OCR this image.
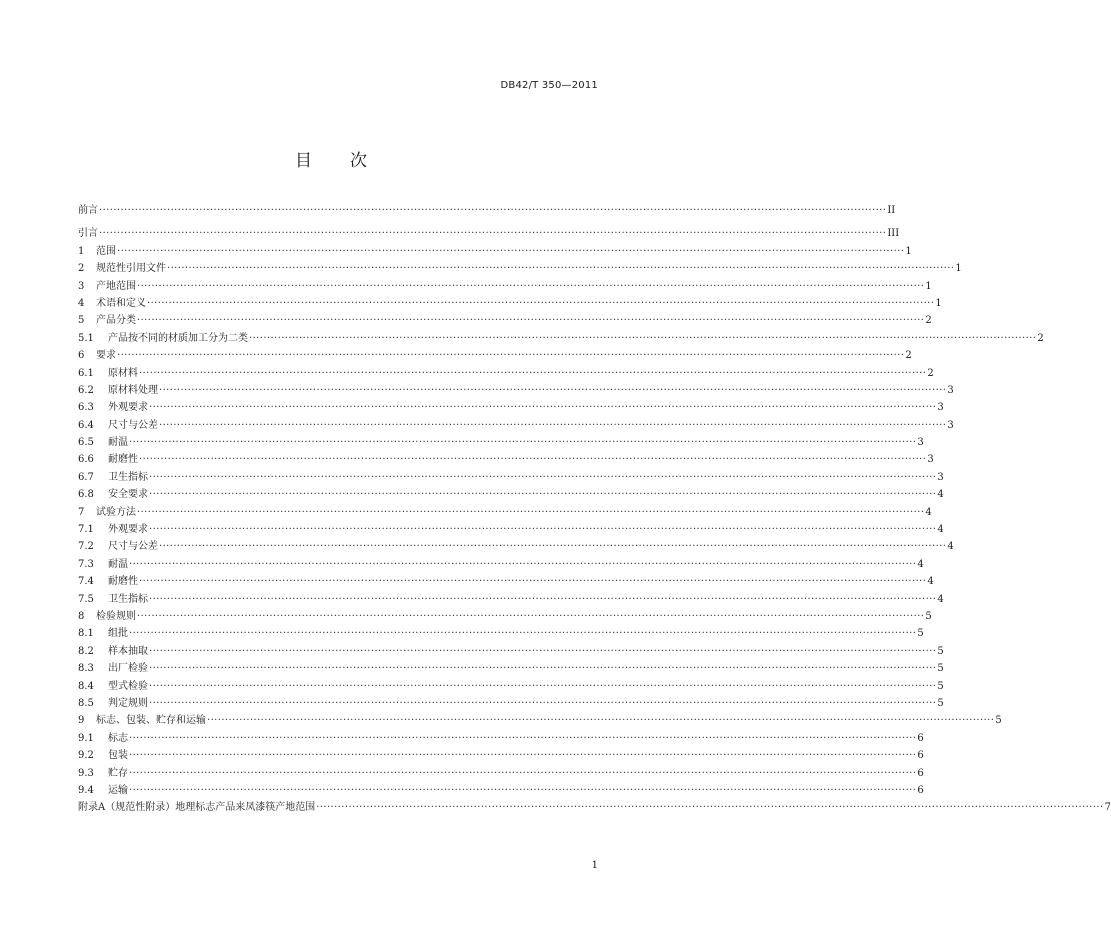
DB42/T 350—2011
目 次
前言 ···························································································································································································································· II
引言 ···························································································································································································································· III
1	范围 ···························································································································································································································· 1
2	规范性引用文件 ···························································································································································································································· 1
3	产地范围 ···························································································································································································································· 1
4	术语和定义 ···························································································································································································································· 1
5	产品分类 ···························································································································································································································· 2
5.1	产品按不同的材质加工分为二类 ···························································································································································································································· 2
6	要求 ···························································································································································································································· 2
6.1	原材料 ···························································································································································································································· 2
6.2	原材料处理 ···························································································································································································································· 3
6.3	外观要求 ···························································································································································································································· 3
6.4	尺寸与公差 ···························································································································································································································· 3
6.5	耐温 ···························································································································································································································· 3
6.6	耐磨性 ···························································································································································································································· 3
6.7	卫生指标 ···························································································································································································································· 3
6.8	安全要求 ···························································································································································································································· 4
7	试验方法 ···························································································································································································································· 4
7.1	外观要求 ···························································································································································································································· 4
7.2	尺寸与公差 ···························································································································································································································· 4
7.3	耐温 ···························································································································································································································· 4
7.4	耐磨性 ···························································································································································································································· 4
7.5	卫生指标 ···························································································································································································································· 4
8	检验规则 ···························································································································································································································· 5
8.1	组批 ···························································································································································································································· 5
8.2	样本抽取 ···························································································································································································································· 5
8.3	出厂检验 ···························································································································································································································· 5
8.4	型式检验 ···························································································································································································································· 5
8.5	判定规则 ···························································································································································································································· 5
9	标志、包装、贮存和运输 ···························································································································································································································· 5
9.1	标志 ···························································································································································································································· 6
9.2	包装 ···························································································································································································································· 6
9.3	贮存 ···························································································································································································································· 6
9.4	运输 ···························································································································································································································· 6
附录A（规范性附录）地理标志产品来凤漆筷产地范围 ···························································································································································································································· 7
1
